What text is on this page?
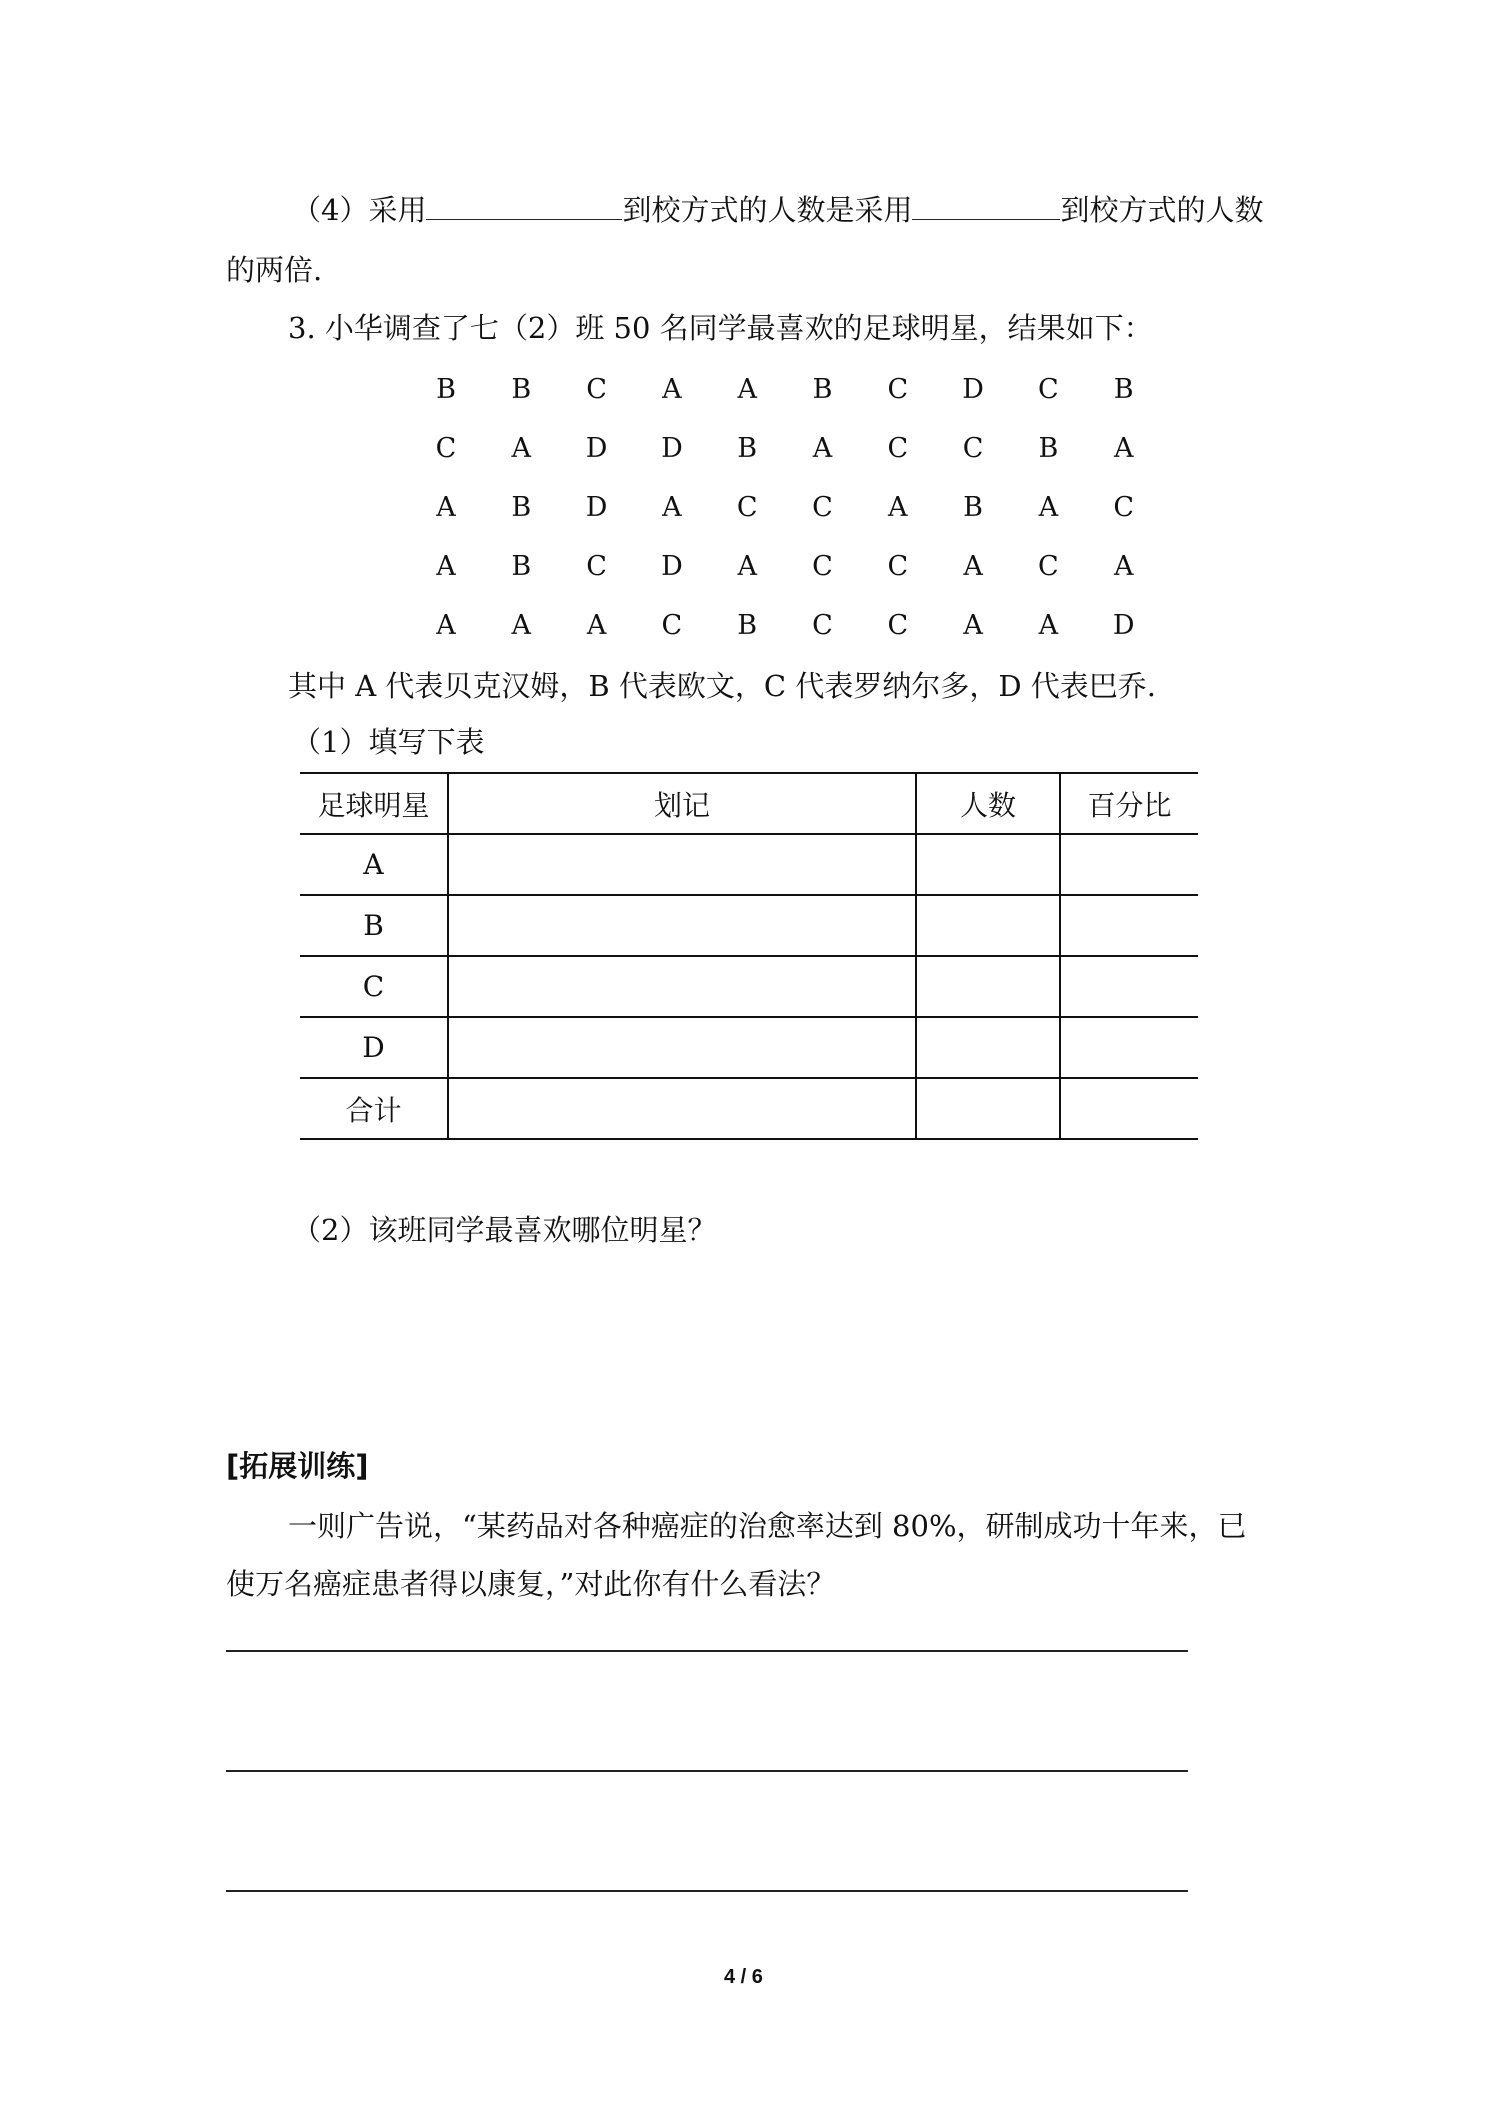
（4）采用	到校方式的人数是采用	到校方式的人数
的两倍.
3. 小华调查了七（2）班 50 名同学最喜欢的足球明星，结果如下：
B	B	C	A	A	B	C	D	C	B
C	A	D	D	B	A	C	C	B	A
A	B	D	A	C	C	A	B	A	C
A	B	C	D	A	C	C	A	C	A
A	A	A	C	B	C	C	A	A	D
其中 A 代表贝克汉姆，B 代表欧文，C 代表罗纳尔多，D 代表巴乔.
（1）填写下表
足球明星	划记	人数	百分比
A			
B			
C			
D			
合计			
（2）该班同学最喜欢哪位明星？
[拓展训练]
一则广告说，“某药品对各种癌症的治愈率达到 80%，研制成功十年来，已
使万名癌症患者得以康复，”对此你有什么看法？
4 / 6
